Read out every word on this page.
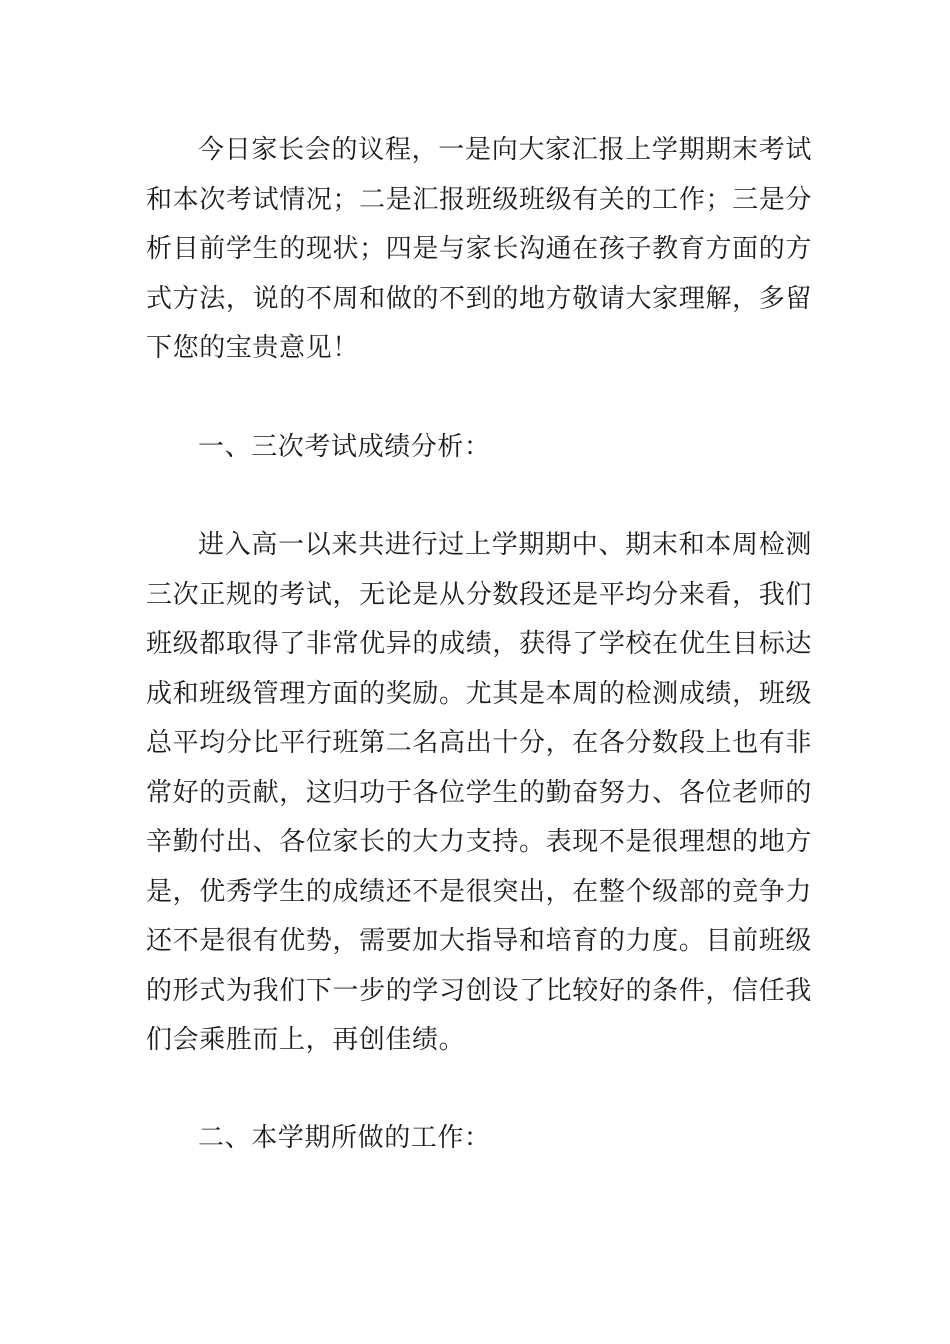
今日家长会的议程，一是向大家汇报上学期期末考试和本次考试情况；二是汇报班级班级有关的工作；三是分析目前学生的现状；四是与家长沟通在孩子教育方面的方式方法，说的不周和做的不到的地方敬请大家理解，多留下您的宝贵意见！

一、三次考试成绩分析：

进入高一以来共进行过上学期期中、期末和本周检测三次正规的考试，无论是从分数段还是平均分来看，我们班级都取得了非常优异的成绩，获得了学校在优生目标达成和班级管理方面的奖励。尤其是本周的检测成绩，班级总平均分比平行班第二名高出十分，在各分数段上也有非常好的贡献，这归功于各位学生的勤奋努力、各位老师的辛勤付出、各位家长的大力支持。表现不是很理想的地方是，优秀学生的成绩还不是很突出，在整个级部的竞争力还不是很有优势，需要加大指导和培育的力度。目前班级的形式为我们下一步的学习创设了比较好的条件，信任我们会乘胜而上，再创佳绩。

二、本学期所做的工作：
